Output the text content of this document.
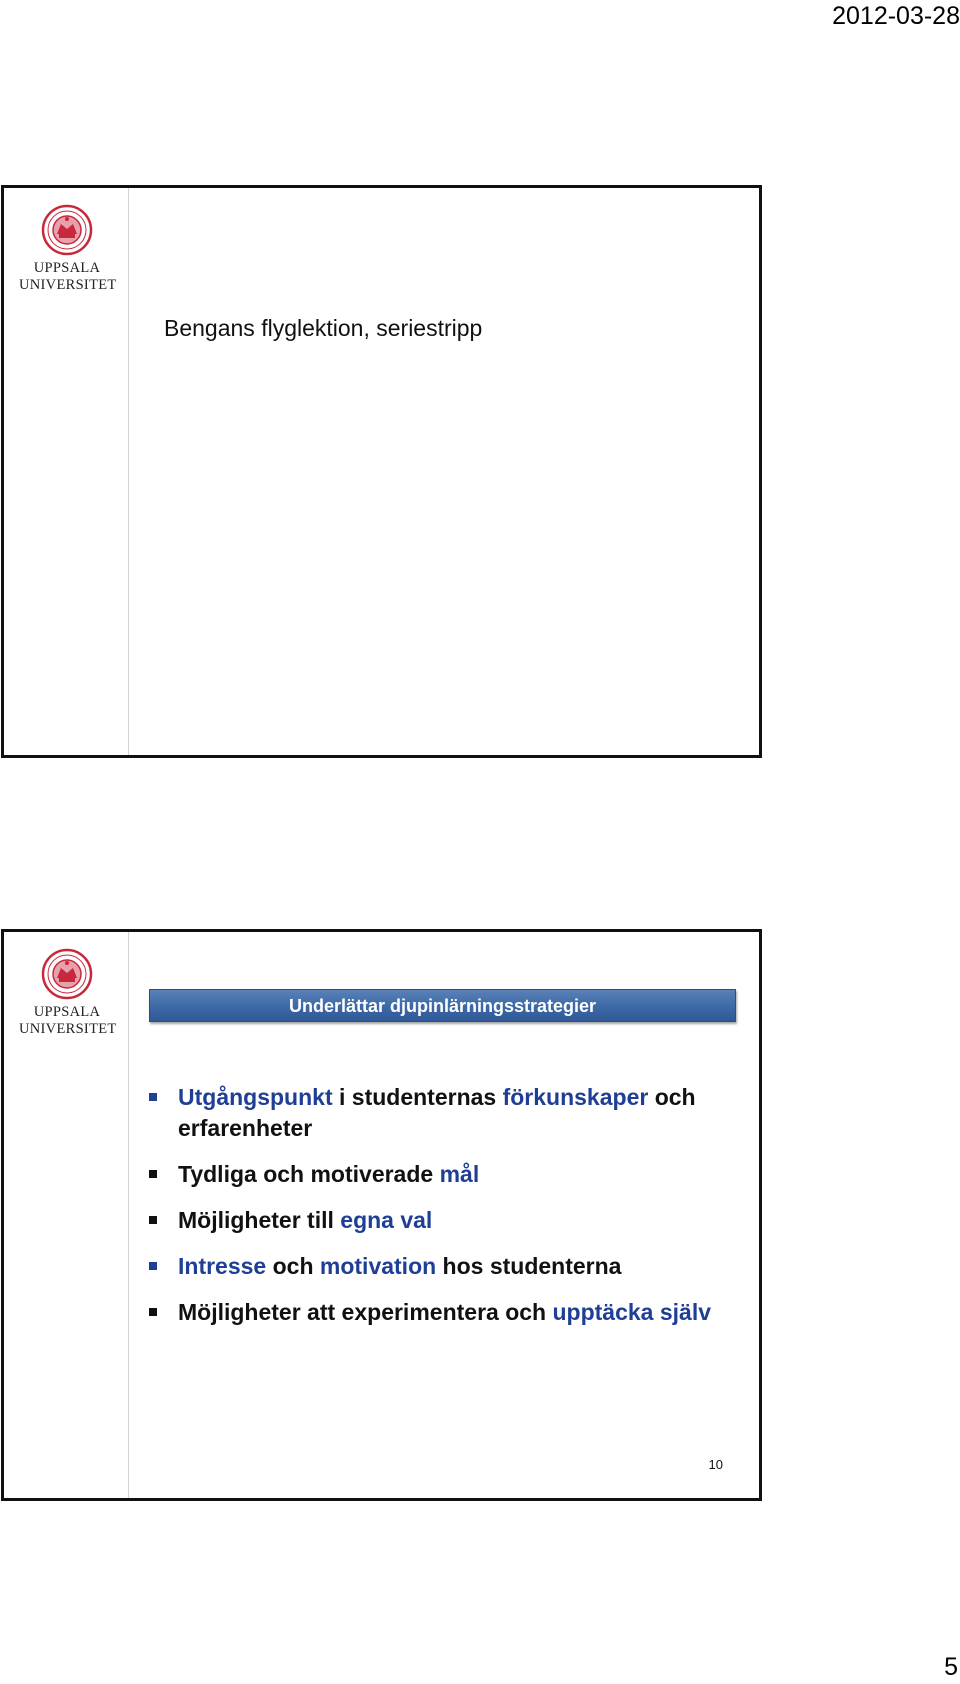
2012-03-28
UPPSALA
UNIVERSITET
Bengans flyglektion, seriestripp
UPPSALA
UNIVERSITET
Underlättar djupinlärningsstrategier
Utgångspunkt i studenternas förkunskaper och erfarenheter
Tydliga och motiverade mål
Möjligheter till egna val
Intresse och motivation hos studenterna
Möjligheter att experimentera och upptäcka själv
10
5
